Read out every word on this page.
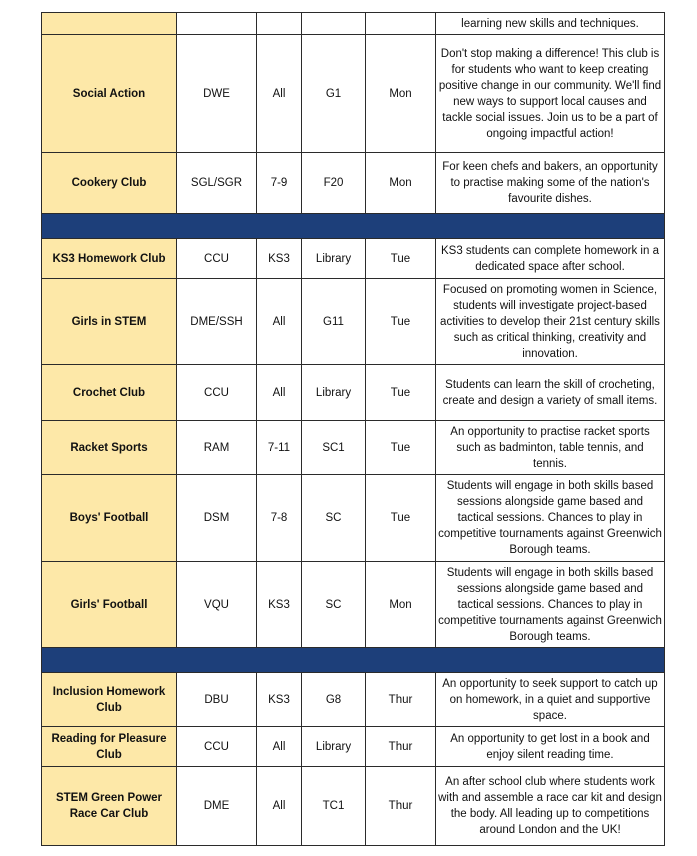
					learning new skills and techniques.
Social Action	DWE	All	G1	Mon	Don't stop making a difference! This club is for students who want to keep creating positive change in our community. We'll find new ways to support local causes and tackle social issues. Join us to be a part of ongoing impactful action!
Cookery Club	SGL/SGR	7-9	F20	Mon	For keen chefs and bakers, an opportunity to practise making some of the nation's favourite dishes.

KS3 Homework Club	CCU	KS3	Library	Tue	KS3 students can complete homework in a dedicated space after school.
Girls in STEM	DME/SSH	All	G11	Tue	Focused on promoting women in Science, students will investigate project-based activities to develop their 21st century skills such as critical thinking, creativity and innovation.
Crochet Club	CCU	All	Library	Tue	Students can learn the skill of crocheting, create and design a variety of small items.
Racket Sports	RAM	7-11	SC1	Tue	An opportunity to practise racket sports such as badminton, table tennis, and tennis.
Boys' Football	DSM	7-8	SC	Tue	Students will engage in both skills based sessions alongside game based and tactical sessions. Chances to play in competitive tournaments against Greenwich Borough teams.
Girls' Football	VQU	KS3	SC	Mon	Students will engage in both skills based sessions alongside game based and tactical sessions. Chances to play in competitive tournaments against Greenwich Borough teams.

Inclusion Homework Club	DBU	KS3	G8	Thur	An opportunity to seek support to catch up on homework, in a quiet and supportive space.
Reading for Pleasure Club	CCU	All	Library	Thur	An opportunity to get lost in a book and enjoy silent reading time.
STEM Green Power Race Car Club	DME	All	TC1	Thur	An after school club where students work with and assemble a race car kit and design the body. All leading up to competitions around London and the UK!
